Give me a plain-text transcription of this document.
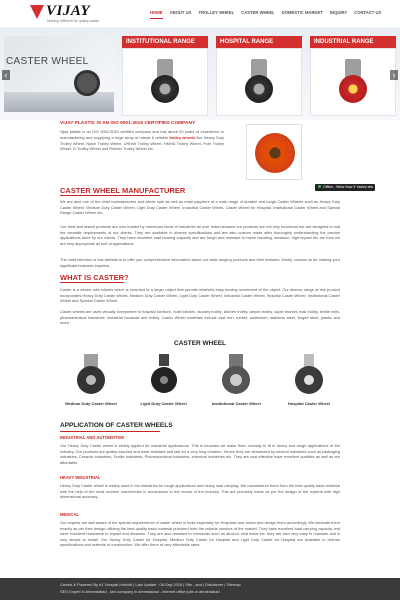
VIJAY
Nothing different for quality caster
HOME ABOUT US TROLLEY WHEEL CASTER WHEEL DOMESTIC MARKET INQUIRY CONTACT US
CASTER WHEEL
INSTITUTIONAL RANGE	HOSPITAL RANGE	INDUSTRIAL RANGE
‹	›
VIJAY PLASTIC IS AN ISO 9001:2015 CERTIFIED COMPANY
Vijay plastic is an ISO 9001:2015 certified company and has about 20 years of experience in manufacturing and supplying a huge array of robust & reliable trolley wheels like Heavy Duty Trolley Wheel, Nylon Trolley Wheel, UHMW Trolley Wheel, HMHD Trolley Wheel, Pure Trolley Wheel, D Trolley Wheel and Rubber Trolley Wheel etc.
CASTER WHEEL MANUFACTURER	Offline - Wear Now 3 Yadley site
We are also one of the chief manufacturers and whole sale as well as retail suppliers of a wide range of durable and tough Caster Wheels such as Heavy Duty Caster Wheel, Medium Duty Caster Wheel, Light Duty Caster Wheel, Industrial Caster Wheel, Caster Wheel for Hospital, Institutional Caster Wheel and Special Range Caster Wheel etc.
Our tried and tested products are now trusted by numerous kinds of industries all over India because our products are not only functional but are designed to suit the versatile requirements of our clients. They are available in diverse specifications and are also custom made after thoroughly understanding the precise applications done by our clients. They have excellent load bearing capacity and are tough and resistant to harsh handling, abrasion, high impact etc are thus we are very appropriate all sort of applications.
The chief intention of this website is to offer you comprehensive information about our wide-ranging products and their features. Kindly, contact us for making your significant business inquiries.
WHAT IS CASTER?
Caster is a device with wheels which is mounted to a larger object that permits relatively easy moving movement of the object. Our diverse range of this product incorporates Heavy Duty Caster Wheel, Medium Duty Caster Wheel, Light Duty Caster Wheel, Industrial Caster Wheel, Hospital Caster Wheel, Institutional Caster Wheel and Special Caster Wheel.
Caster wheels are used virtually everywhere in hospital furniture, hotel kitchen, laundry trolley, kitchen trolley, airport trolley, super market, mail trolley, textile mills, pharmaceutical industries, industrial handcart and trolley. Caster Wheel materials include cast iron, rubber, aluminium, stainless steel, forged steel, plastic and more.
CASTER WHEEL
Medium Duty Caster Wheel	Light Duty Caster Wheel	Institutional Caster Wheel	Hospital Caster Wheel
APPLICATION OF CASTER WHEELS
INDUSTRIAL AND AUTOMOTIVE
Our Heavy Duty Caster wheel is widely applied for industrial applications. This is because we make them robustly to fit in heavy and tough applications of the industry. Our products are quality assured and wear-resistant and last for a very long duration. Hence they are demanded by several industries such as packaging industries, Ceramic industries, Textile industries, Pharmaceutical industries, chemical industries etc. They are cost-effective have excellent qualities as well as are affordable.
HEAVY INDUSTRIAL
Heavy Duty Caster wheel is widely used in the industries for tough applications and heavy load carrying. We manufacture them from the best quality basic material with the help of the most modern machineries in accordance to the norms of the industry. This are precisely made as per the design of the experts with high dimensional accuracy.
MEDICAL
Our experts are well aware of the special requirements of caster wheel in India especially for Hospitals and clinics and design them accordingly. We fabricate them exactly as per their design utilizing the best quality basic material procured from the reliable vendors of the market. They have excellent load carrying capacity and have excellent resistance to impact and abrasion. They are also resistant to chemicals such as alcohol, mild acids etc. they are also very easy to maintain and is very simple to install. Our Heavy Duty Caster for Hospital, Medium Duty Caster for Hospital and Light Duty Caster for Hospital are available in diverse specifications and material of construction. We offer them at very affordable rates.
Owned & Powered By #1 Vinayak Infosoft | Last Update : 08-Sep-2018 | Site - and | Disclaimer | Sitemap
SEO Expert in Ahmedabad - seo company in ahmedabad - internet office jobs in ahmedabad
